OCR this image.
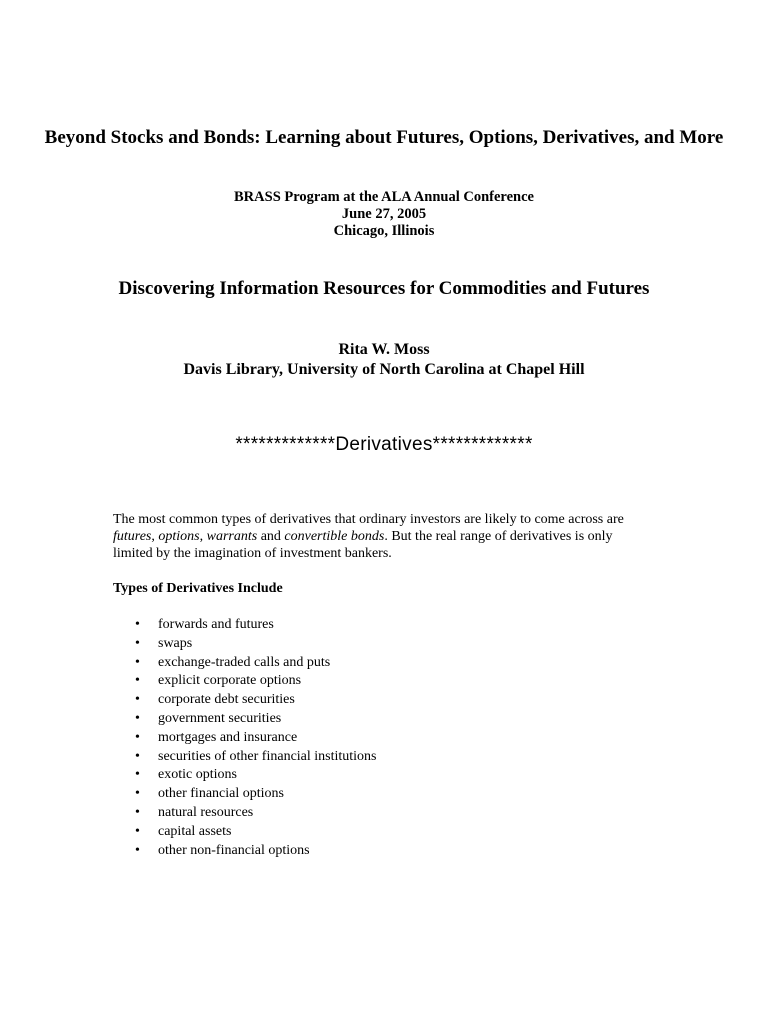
Beyond Stocks and Bonds: Learning about Futures, Options, Derivatives, and More
BRASS Program at the ALA Annual Conference
June 27, 2005
Chicago, Illinois
Discovering Information Resources for Commodities and Futures
Rita W. Moss
Davis Library, University of North Carolina at Chapel Hill
*************Derivatives*************
The most common types of derivatives that ordinary investors are likely to come across are futures, options, warrants and convertible bonds. But the real range of derivatives is only limited by the imagination of investment bankers.
Types of Derivatives Include
• forwards and futures
• swaps
• exchange-traded calls and puts
• explicit corporate options
• corporate debt securities
• government securities
• mortgages and insurance
• securities of other financial institutions
• exotic options
• other financial options
• natural resources
• capital assets
• other non-financial options
